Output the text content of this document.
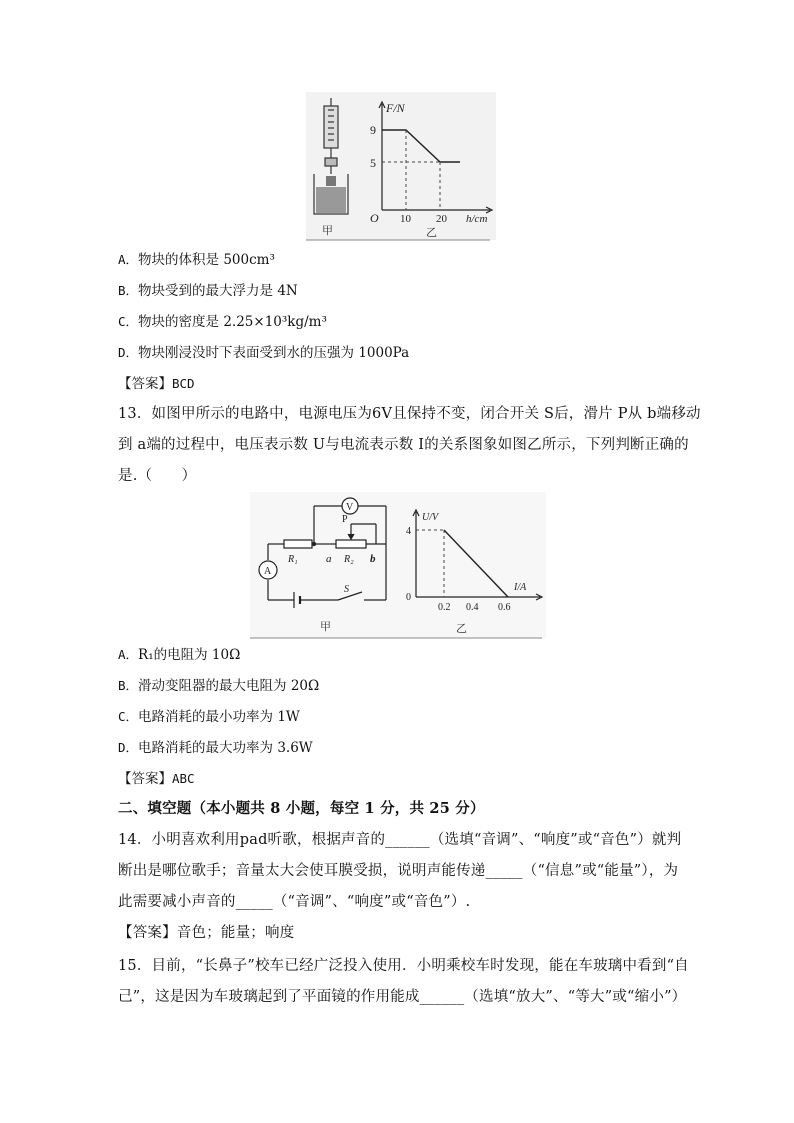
甲
F/N
h/cm
O
9
5
10 20
乙
A．物块的体积是 500cm³
B．物块受到的最大浮力是 4N
C．物块的密度是 2.25×10³kg/m³
D．物块刚浸没时下表面受到水的压强为 1000Pa
【答案】BCD
13．如图甲所示的电路中，电源电压为6V且保持不变，闭合开关 S后，滑片 P从 b端移动
到 a端的过程中，电压表示数 U与电流表示数 I的关系图象如图乙所示，下列判断正确的
是.（　　）
V
A
P
R₁	R₂
a	b
S
甲
U/V
I/A
4
0
0.2 0.4 0.6
乙
A．R₁的电阻为 10Ω
B．滑动变阻器的最大电阻为 20Ω
C．电路消耗的最小功率为 1W
D．电路消耗的最大功率为 3.6W
【答案】ABC
二、填空题（本小题共 8 小题，每空 1 分，共 25 分）
14．小明喜欢利用pad听歌，根据声音的______（选填“音调”、“响度”或“音色”）就判
断出是哪位歌手；音量太大会使耳膜受损，说明声能传递_____（“信息”或“能量”），为
此需要减小声音的_____（“音调”、“响度”或“音色”）.
【答案】音色；能量；响度
15．目前，“长鼻子”校车已经广泛投入使用．小明乘校车时发现，能在车玻璃中看到“自
己”，这是因为车玻璃起到了平面镜的作用能成______（选填“放大”、“等大”或“缩小”）
